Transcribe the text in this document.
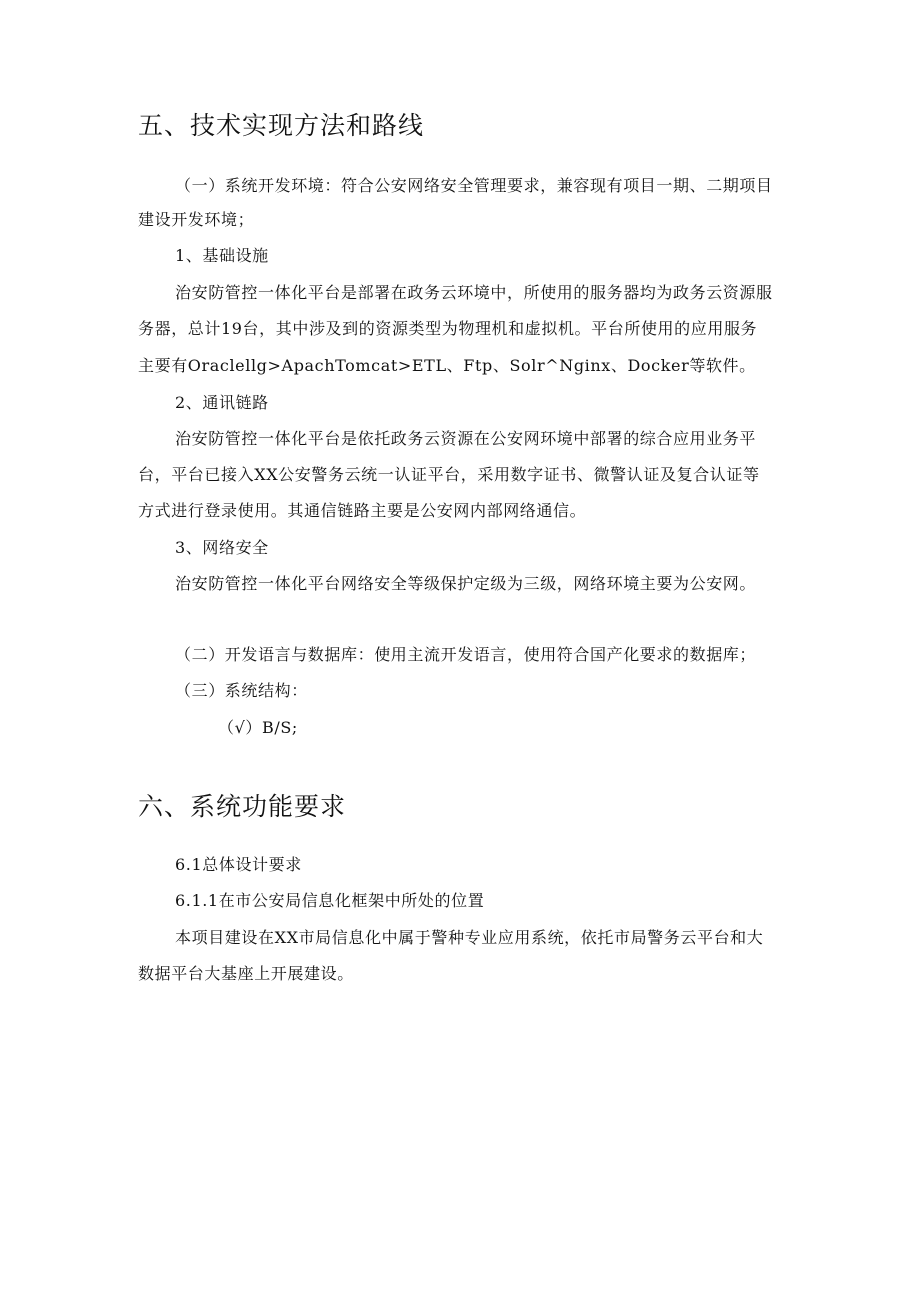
五、技术实现方法和路线
（一）系统开发环境：符合公安网络安全管理要求，兼容现有项目一期、二期项目
建设开发环境；
1、基础设施
治安防管控一体化平台是部署在政务云环境中，所使用的服务器均为政务云资源服
务器，总计19台，其中涉及到的资源类型为物理机和虚拟机。平台所使用的应用服务
主要有Oraclellg>ApachTomcat>ETL、Ftp、Solr^Nginx、Docker等软件。
2、通讯链路
治安防管控一体化平台是依托政务云资源在公安网环境中部署的综合应用业务平
台，平台已接入XX公安警务云统一认证平台，采用数字证书、微警认证及复合认证等
方式进行登录使用。其通信链路主要是公安网内部网络通信。
3、网络安全
治安防管控一体化平台网络安全等级保护定级为三级，网络环境主要为公安网。
（二）开发语言与数据库：使用主流开发语言，使用符合国产化要求的数据库；
（三）系统结构：
（√）B/S;
六、系统功能要求
6.1总体设计要求
6.1.1在市公安局信息化框架中所处的位置
本项目建设在XX市局信息化中属于警种专业应用系统，依托市局警务云平台和大
数据平台大基座上开展建设。
